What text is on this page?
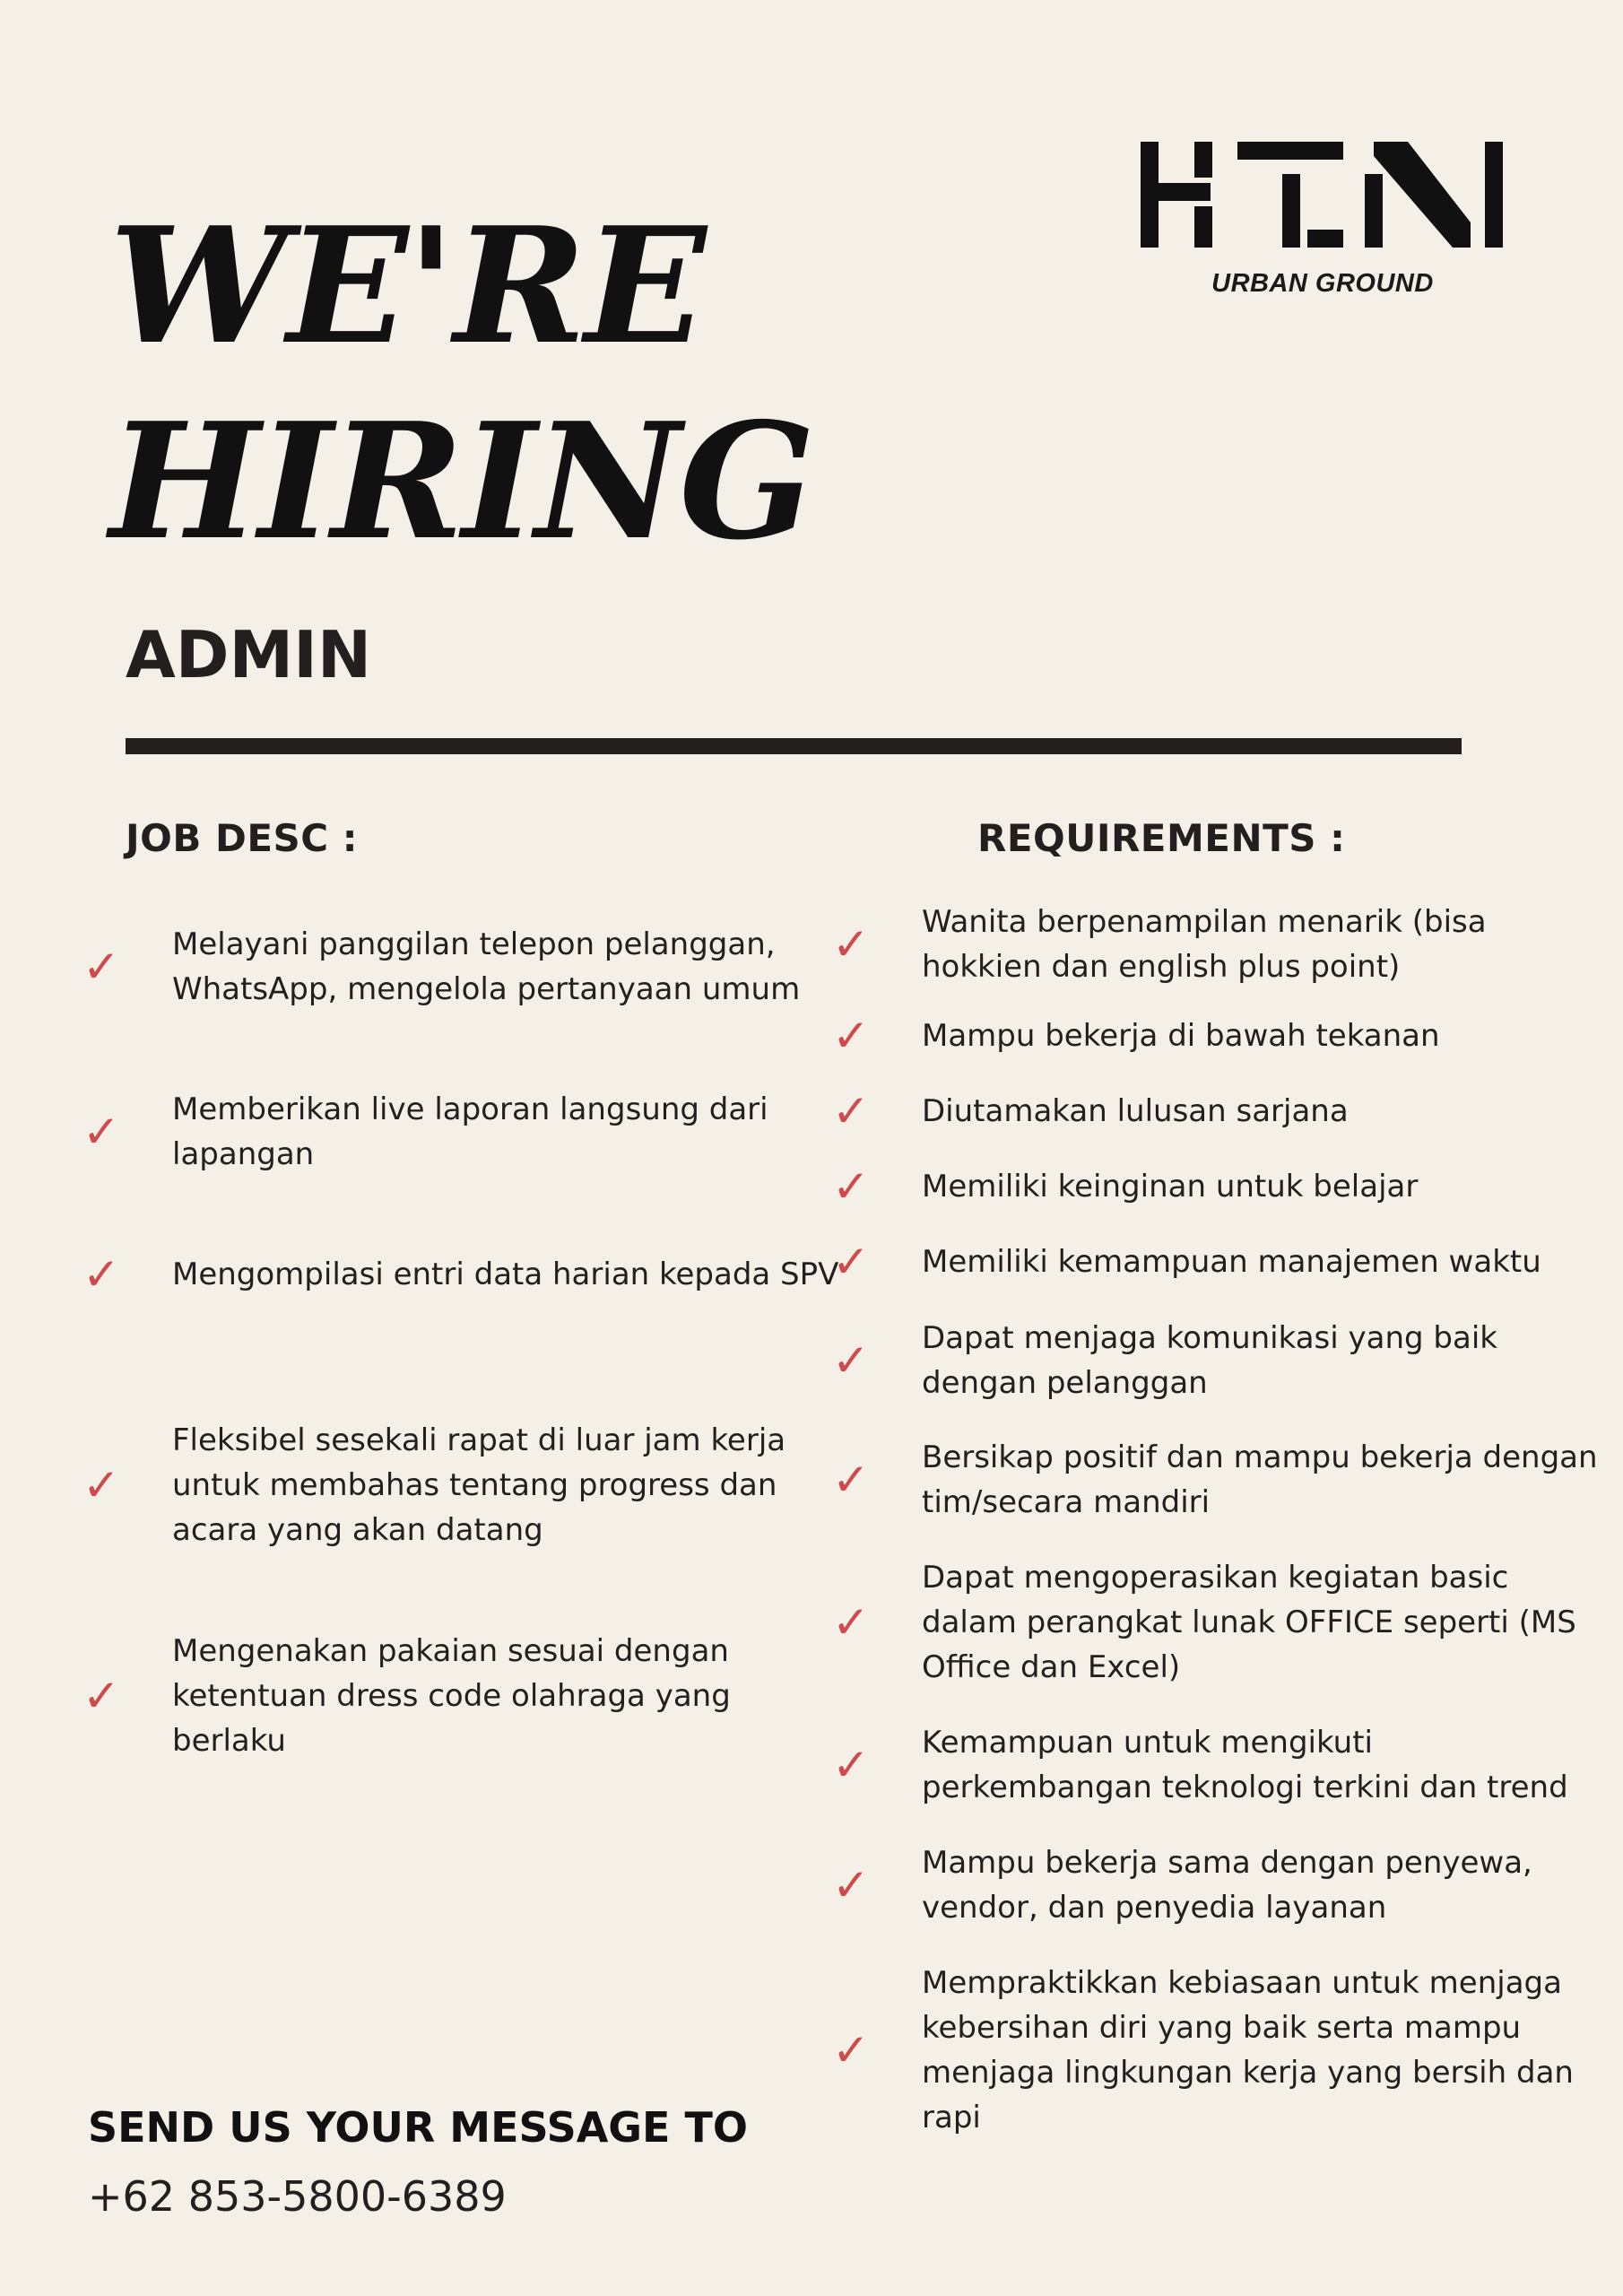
URBAN GROUND
WE'RE
HIRING
ADMIN
JOB DESC :	REQUIREMENTS :
✓	Melayani panggilan telepon pelanggan, WhatsApp, mengelola pertanyaan umum
✓	Memberikan live laporan langsung dari lapangan
✓	Mengompilasi entri data harian kepada SPV
✓
Fleksibel sesekali rapat di luar jam kerja untuk membahas tentang progress dan acara yang akan datang
✓
Mengenakan pakaian sesuai dengan ketentuan dress code olahraga yang berlaku
✓	Wanita berpenampilan menarik (bisa hokkien dan english plus point)
✓	Mampu bekerja di bawah tekanan
✓	Diutamakan lulusan sarjana
✓	Memiliki keinginan untuk belajar
✓	Memiliki kemampuan manajemen waktu
✓	Dapat menjaga komunikasi yang baik dengan pelanggan
✓	Bersikap positif dan mampu bekerja dengan tim/secara mandiri
✓
Dapat mengoperasikan kegiatan basic dalam perangkat lunak OFFICE seperti (MS Office dan Excel)
✓	Kemampuan untuk mengikuti perkembangan teknologi terkini dan trend
✓	Mampu bekerja sama dengan penyewa, vendor, dan penyedia layanan
✓
Mempraktikkan kebiasaan untuk menjaga kebersihan diri yang baik serta mampu menjaga lingkungan kerja yang bersih dan rapi
SEND US YOUR MESSAGE TO
+62 853-5800-6389
